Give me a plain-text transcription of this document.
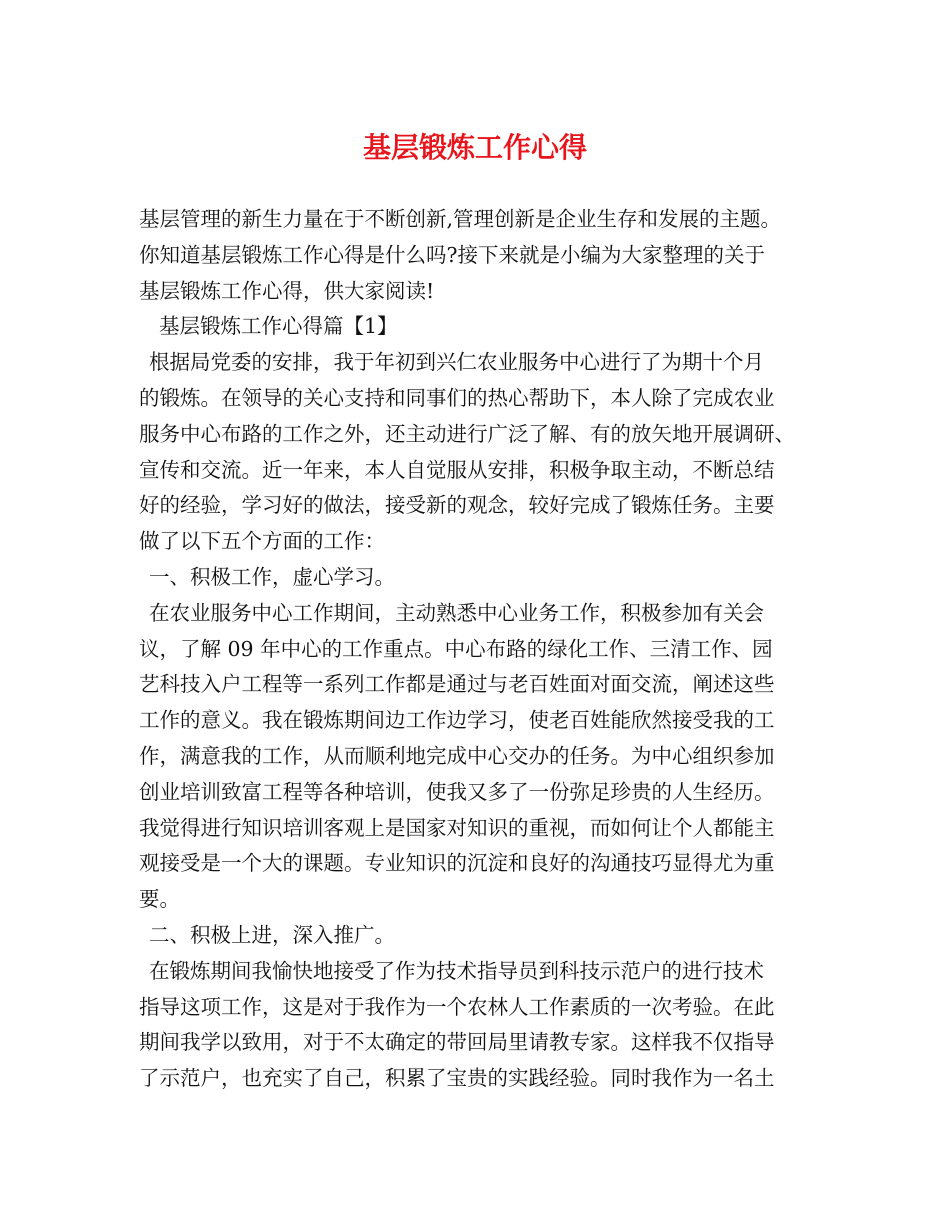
基层锻炼工作心得
基层管理的新生力量在于不断创新,管理创新是企业生存和发展的主题。
你知道基层锻炼工作心得是什么吗?接下来就是小编为大家整理的关于
基层锻炼工作心得，供大家阅读!
基层锻炼工作心得篇【1】
根据局党委的安排，我于年初到兴仁农业服务中心进行了为期十个月
的锻炼。在领导的关心支持和同事们的热心帮助下，本人除了完成农业
服务中心布路的工作之外，还主动进行广泛了解、有的放矢地开展调研、
宣传和交流。近一年来，本人自觉服从安排，积极争取主动，不断总结
好的经验，学习好的做法，接受新的观念，较好完成了锻炼任务。主要
做了以下五个方面的工作：
一、积极工作，虚心学习。
在农业服务中心工作期间，主动熟悉中心业务工作，积极参加有关会
议，了解 09 年中心的工作重点。中心布路的绿化工作、三清工作、园
艺科技入户工程等一系列工作都是通过与老百姓面对面交流，阐述这些
工作的意义。我在锻炼期间边工作边学习，使老百姓能欣然接受我的工
作，满意我的工作，从而顺利地完成中心交办的任务。为中心组织参加
创业培训致富工程等各种培训，使我又多了一份弥足珍贵的人生经历。
我觉得进行知识培训客观上是国家对知识的重视，而如何让个人都能主
观接受是一个大的课题。专业知识的沉淀和良好的沟通技巧显得尤为重
要。
二、积极上进，深入推广。
在锻炼期间我愉快地接受了作为技术指导员到科技示范户的进行技术
指导这项工作，这是对于我作为一个农林人工作素质的一次考验。在此
期间我学以致用，对于不太确定的带回局里请教专家。这样我不仅指导
了示范户，也充实了自己，积累了宝贵的实践经验。同时我作为一名土
